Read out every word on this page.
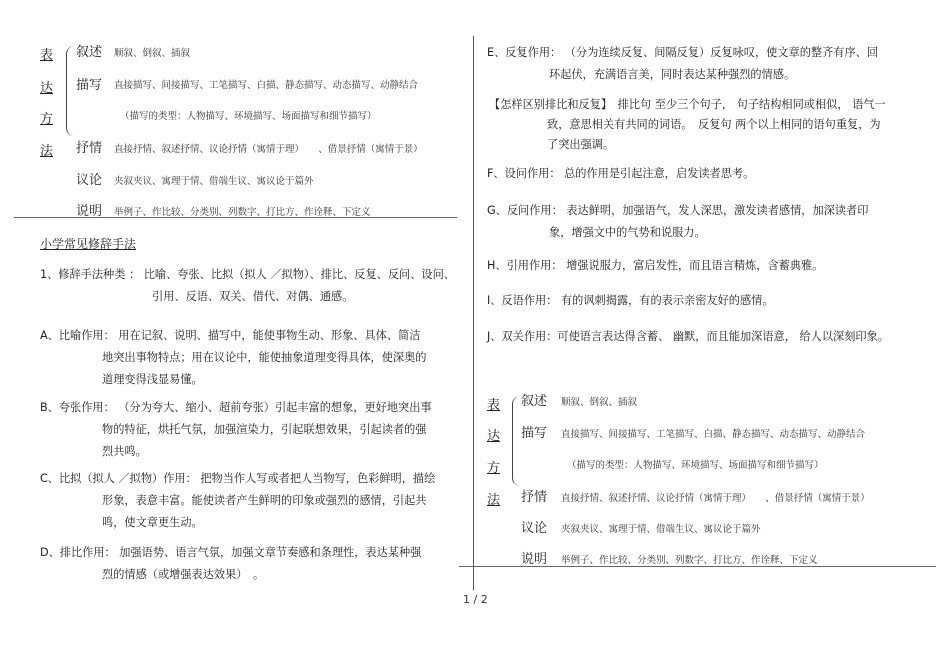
表
达
方
法
叙述 顺叙、倒叙、插叙
描写 直接描写、间接描写、工笔描写、白描、静态描写、动态描写、动静结合
（描写的类型：人物描写、环境描写、场面描写和细节描写）
抒情 直接抒情、叙述抒情、议论抒情（寓情于理）　　、借景抒情（寓情于景）
议论 夹叙夹议、寓理于情、借端生议、寓议论于篇外
说明 举例子、作比较、分类别、列数字、打比方、作诠释、下定义
小学常见修辞手法
1、修辞手法种类 ： 比喻、夸张、比拟（拟人 ／拟物）、排比、反复、反问、设问、
引用、反语、双关、借代、对偶、通感。
A、比喻作用： 用在记叙、说明、描写中，能使事物生动、形象、具体、简洁
地突出事物特点；用在议论中，能使抽象道理变得具体，使深奥的
道理变得浅显易懂。
B、夸张作用： （分为夸大、缩小、超前夸张）引起丰富的想象，更好地突出事
物的特征，烘托气氛，加强渲染力，引起联想效果，引起读者的强
烈共鸣。
C、比拟（拟人 ／拟物）作用： 把物当作人写或者把人当物写，色彩鲜明，描绘
形象，表意丰富。能使读者产生鲜明的印象或强烈的感情，引起共
鸣，使文章更生动。
D、排比作用： 加强语势、语言气氛，加强文章节奏感和条理性，表达某种强
烈的情感（或增强表达效果）　。
E、反复作用： （分为连续反复、间隔反复）反复咏叹，使文章的整齐有序、回
环起伏，充满语言美，同时表达某种强烈的情感。
【怎样区别排比和反复】　排比句 至少三个句子， 句子结构相同或相似， 语气一
致，意思相关有共同的词语。　反复句 两个以上相同的语句重复，为
了突出强调。
F、设问作用： 总的作用是引起注意，启发读者思考。
G、反问作用： 表达鲜明，加强语气，发人深思，激发读者感情，加深读者印
象，增强文中的气势和说服力。
H、引用作用： 增强说服力，富启发性，而且语言精炼，含蓄典雅。
I、反语作用： 有的讽刺揭露，有的表示亲密友好的感情。
J、双关作用：可使语言表达得含蓄、 幽默，而且能加深语意， 给人以深刻印象。
表
达
方
法
叙述 顺叙、倒叙、插叙
描写 直接描写、间接描写、工笔描写、白描、静态描写、动态描写、动静结合
（描写的类型：人物描写、环境描写、场面描写和细节描写）
抒情 直接抒情、叙述抒情、议论抒情（寓情于理）　　、借景抒情（寓情于景）
议论 夹叙夹议、寓理于情、借端生议、寓议论于篇外
说明 举例子、作比较、分类别、列数字、打比方、作诠释、下定义
1 / 2
